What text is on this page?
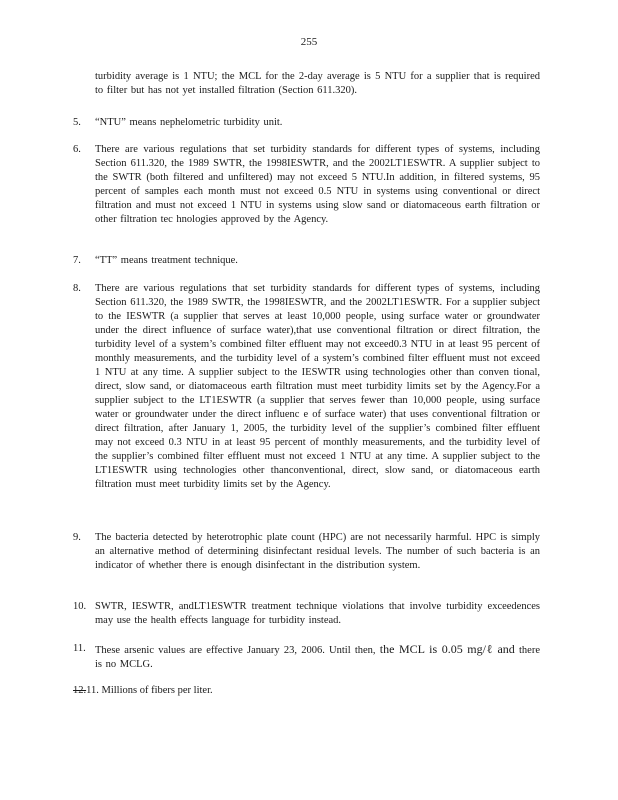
255
turbidity average is 1 NTU; the MCL for the 2-day average is 5 NTU for a supplier that is required to filter but has not yet installed filtration (Section 611.320).
5. “NTU” means nephelometric turbidity unit.
6. There are various regulations that set turbidity standards for different types of systems, including Section 611.320, the 1989 SWTR, the 1998IESWTR, and the 2002LT1ESWTR. A supplier subject to the SWTR (both filtered and unfiltered) may not exceed 5 NTU.In addition, in filtered systems, 95 percent of samples each month must not exceed 0.5 NTU in systems using conventional or direct filtration and must not exceed 1 NTU in systems using slow sand or diatomaceous earth filtration or other filtration tec hnologies approved by the Agency.
7. “TT” means treatment technique.
8. There are various regulations that set turbidity standards for different types of systems, including Section 611.320, the 1989 SWTR, the 1998IESWTR, and the 2002LT1ESWTR. For a supplier subject to the IESWTR (a supplier that serves at least 10,000 people, using surface water or groundwater under the direct influence of surface water),that use conventional filtration or direct filtration, the turbidity level of a system’s combined filter effluent may not exceed0.3 NTU in at least 95 percent of monthly measurements, and the turbidity level of a system’s combined filter effluent must not exceed 1 NTU at any time. A supplier subject to the IESWTR using technologies other than conven tional, direct, slow sand, or diatomaceous earth filtration must meet turbidity limits set by the Agency.For a supplier subject to the LT1ESWTR (a supplier that serves fewer than 10,000 people, using surface water or groundwater under the direct influenc e of surface water) that uses conventional filtration or direct filtration, after January 1, 2005, the turbidity level of the supplier’s combined filter effluent may not exceed 0.3 NTU in at least 95 percent of monthly measurements, and the turbidity level of the supplier’s combined filter effluent must not exceed 1 NTU at any time. A supplier subject to the LT1ESWTR using technologies other thanconventional, direct, slow sand, or diatomaceous earth filtration must meet turbidity limits set by the Agency.
9. The bacteria detected by heterotrophic plate count (HPC) are not necessarily harmful. HPC is simply an alternative method of determining disinfectant residual levels. The number of such bacteria is an indicator of whether there is enough disinfectant in the distribution system.
10. SWTR, IESWTR, andLT1ESWTR treatment technique violations that involve turbidity exceedences may use the health effects language for turbidity instead.
11. These arsenic values are effective January 23, 2006. Until then, the MCL is 0.05 mg/ℓ and there is no MCLG.
12.11. Millions of fibers per liter.
